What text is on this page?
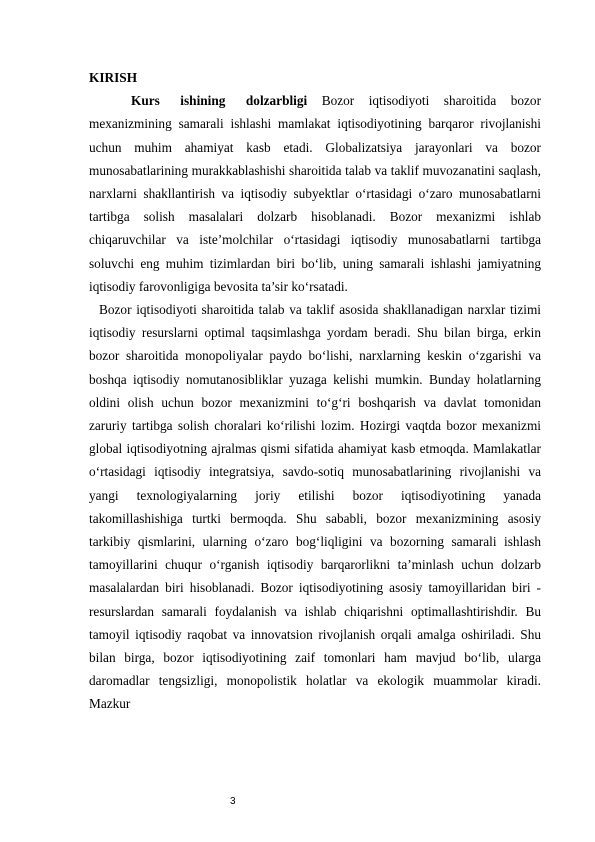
KIRISH

Kurs ishining dolzarbligi Bozor iqtisodiyoti sharoitida bozor mexanizmining samarali ishlashi mamlakat iqtisodiyotining barqaror rivojlanishi uchun muhim ahamiyat kasb etadi. Globalizatsiya jarayonlari va bozor munosabatlarining murakkablashishi sharoitida talab va taklif muvozanatini saqlash, narxlarni shakllantirish va iqtisodiy subyektlar o‘rtasidagi o‘zaro munosabatlarni tartibga solish masalalari dolzarb hisoblanadi. Bozor mexanizmi ishlab chiqaruvchilar va iste’molchilar o‘rtasidagi iqtisodiy munosabatlarni tartibga soluvchi eng muhim tizimlardan biri bo‘lib, uning samarali ishlashi jamiyatning iqtisodiy farovonligiga bevosita ta’sir ko‘rsatadi.

Bozor iqtisodiyoti sharoitida talab va taklif asosida shakllanadigan narxlar tizimi iqtisodiy resurslarni optimal taqsimlashga yordam beradi. Shu bilan birga, erkin bozor sharoitida monopoliyalar paydo bo‘lishi, narxlarning keskin o‘zgarishi va boshqa iqtisodiy nomutanosibliklar yuzaga kelishi mumkin. Bunday holatlarning oldini olish uchun bozor mexanizmini to‘g‘ri boshqarish va davlat tomonidan zaruriy tartibga solish choralari ko‘rilishi lozim. Hozirgi vaqtda bozor mexanizmi global iqtisodiyotning ajralmas qismi sifatida ahamiyat kasb etmoqda. Mamlakatlar o‘rtasidagi iqtisodiy integratsiya, savdo-sotiq munosabatlarining rivojlanishi va yangi texnologiyalarning joriy etilishi bozor iqtisodiyotining yanada takomillashishiga turtki bermoqda. Shu sababli, bozor mexanizmining asosiy tarkibiy qismlarini, ularning o‘zaro bog‘liqligini va bozorning samarali ishlash tamoyillarini chuqur o‘rganish iqtisodiy barqarorlikni ta’minlash uchun dolzarb masalalardan biri hisoblanadi. Bozor iqtisodiyotining asosiy tamoyillaridan biri - resurslardan samarali foydalanish va ishlab chiqarishni optimallashtirishdir. Bu tamoyil iqtisodiy raqobat va innovatsion rivojlanish orqali amalga oshiriladi. Shu bilan birga, bozor iqtisodiyotining zaif tomonlari ham mavjud bo‘lib, ularga daromadlar tengsizligi, monopolistik holatlar va ekologik muammolar kiradi. Mazkur

3
